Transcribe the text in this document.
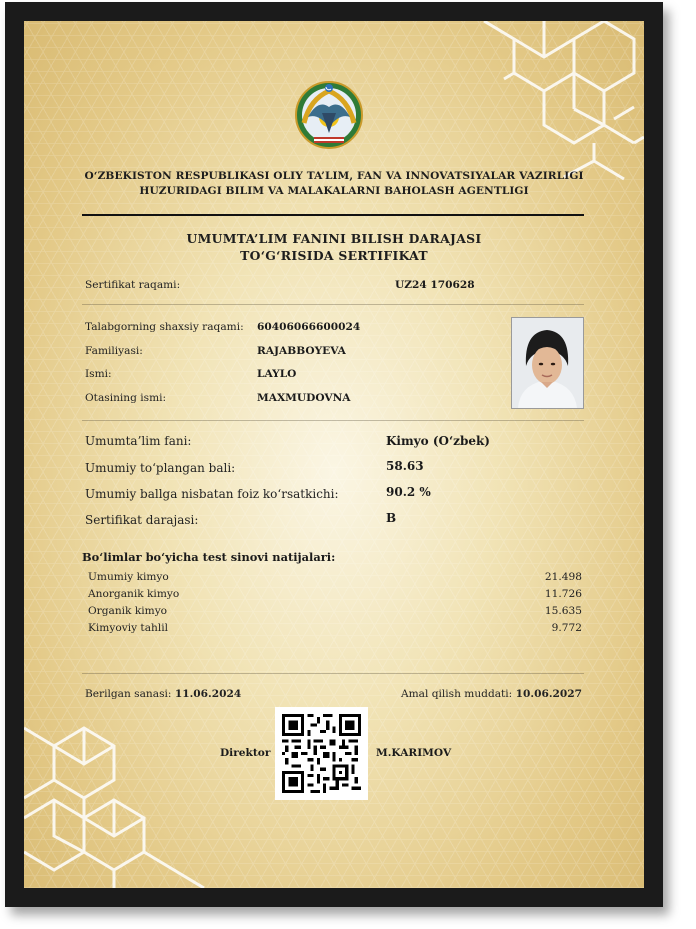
O‘ZBEKISTON RESPUBLIKASI OLIY TA’LIM, FAN VA INNOVATSIYALAR VAZIRLIGI
HUZURIDAGI BILIM VA MALAKALARNI BAHOLASH AGENTLIGI
UMUMTA’LIM FANINI BILISH DARAJASI
TO‘G‘RISIDA SERTIFIKAT
Sertifikat raqami:	UZ24 170628
Talabgorning shaxsiy raqami: 60406066600024
Familiyasi:	RAJABBOYEVA
Ismi:	LAYLO
Otasining ismi:	MAXMUDOVNA
Umumta’lim fani:	Kimyo (O‘zbek)
Umumiy to‘plangan bali:	58.63
Umumiy ballga nisbatan foiz ko‘rsatkichi:	90.2 %
Sertifikat darajasi:	B
Bo‘limlar bo‘yicha test sinovi natijalari:
Umumiy kimyo	21.498
Anorganik kimyo	11.726
Organik kimyo	15.635
Kimyoviy tahlil	9.772
Berilgan sanasi: 11.06.2024	Amal qilish muddati: 10.06.2027
Direktor	M.KARIMOV
